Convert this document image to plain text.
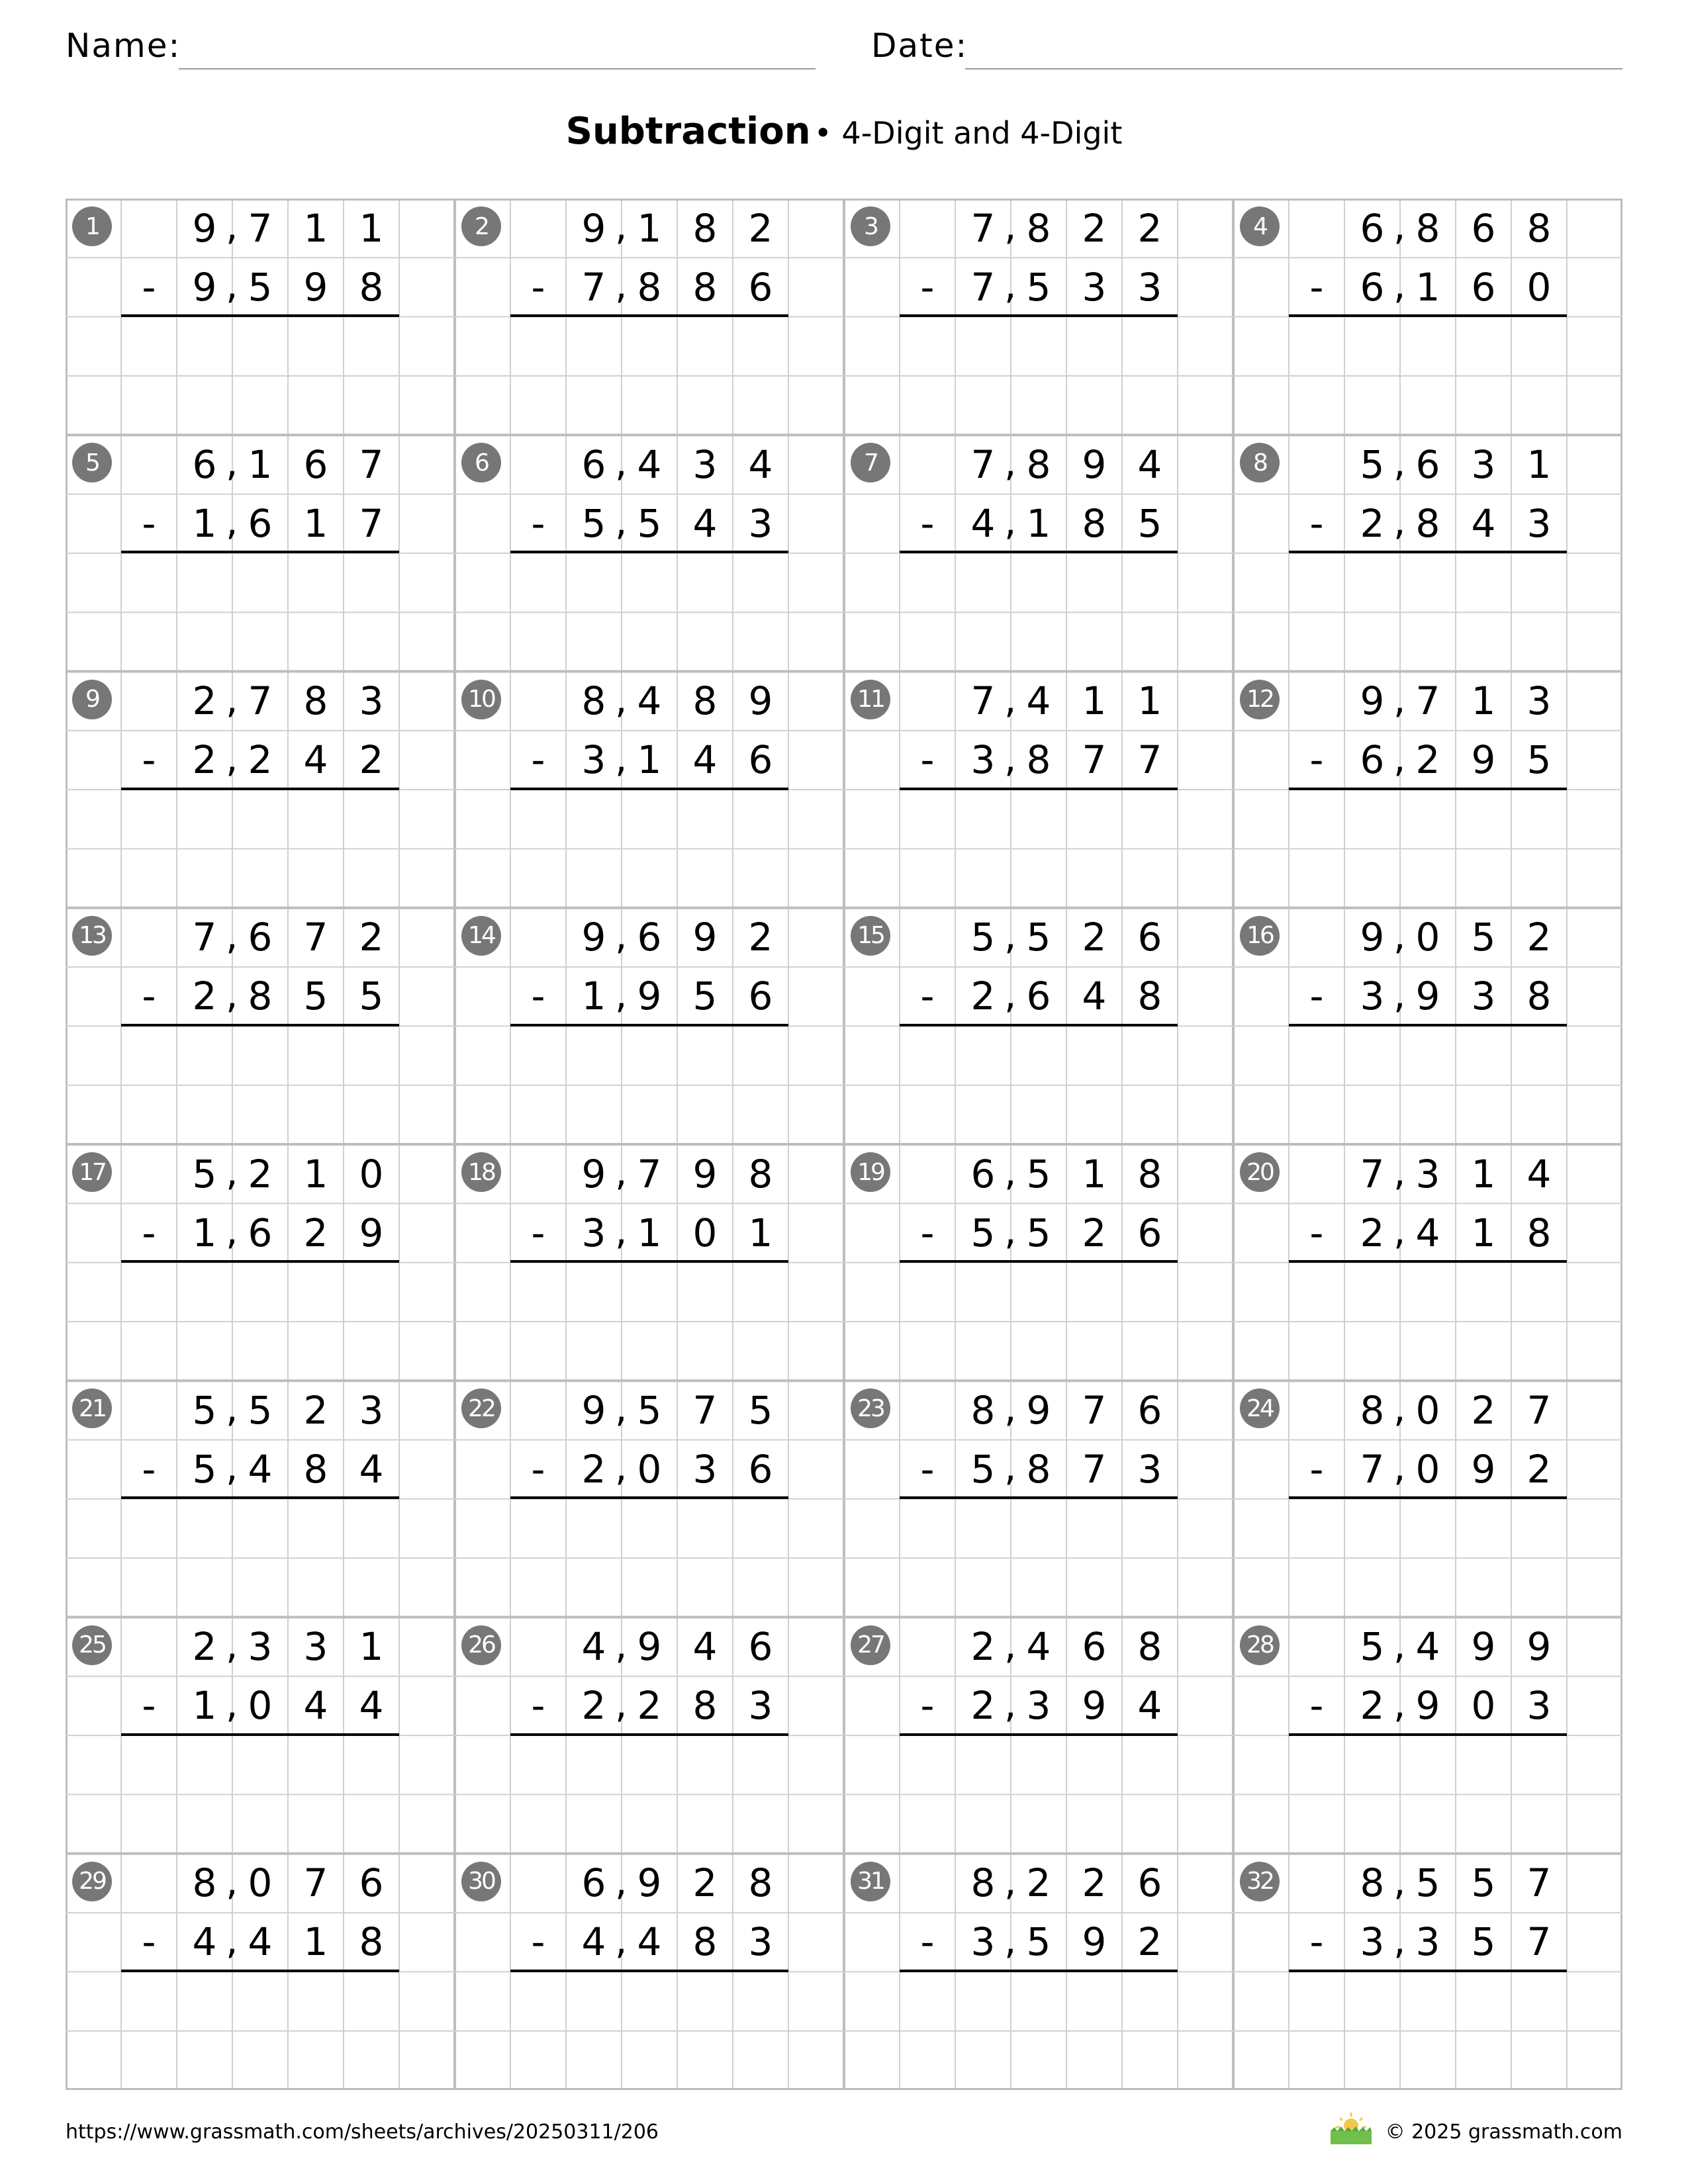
Name:	Date:
Subtraction • 4-Digit and 4-Digit
1	9 7 1 1
,
- 9 5 9 8
,
2	9 1 8 2
,
- 7 8 8 6
,
3	7 8 2 2
,
- 7 5 3 3
,
4	6 8 6 8
,
- 6 1 6 0
,
5	6 1 6 7
,
- 1 6 1 7
,
6	6 4 3 4
,
- 5 5 4 3
,
7	7 8 9 4
,
- 4 1 8 5
,
8	5 6 3 1
,
- 2 8 4 3
,
9	2 7 8 3
,
- 2 2 4 2
,
10	8 4 8 9
,
- 3 1 4 6
,
11	7 4 1 1
,
- 3 8 7 7
,
12	9 7 1 3
,
- 6 2 9 5
,
13	7 6 7 2
,
- 2 8 5 5
,
14	9 6 9 2
,
- 1 9 5 6
,
15	5 5 2 6
,
- 2 6 4 8
,
16	9 0 5 2
,
- 3 9 3 8
,
17	5 2 1 0
,
- 1 6 2 9
,
18	9 7 9 8
,
- 3 1 0 1
,
19	6 5 1 8
,
- 5 5 2 6
,
20	7 3 1 4
,
- 2 4 1 8
,
21	5 5 2 3
,
- 5 4 8 4
,
22	9 5 7 5
,
- 2 0 3 6
,
23	8 9 7 6
,
- 5 8 7 3
,
24	8 0 2 7
,
- 7 0 9 2
,
25	2 3 3 1
,
- 1 0 4 4
,
26	4 9 4 6
,
- 2 2 8 3
,
27	2 4 6 8
,
- 2 3 9 4
,
28	5 4 9 9
,
- 2 9 0 3
,
29	8 0 7 6
,
- 4 4 1 8
,
30	6 9 2 8
,
- 4 4 8 3
,
31	8 2 2 6
,
- 3 5 9 2
,
32	8 5 5 7
,
- 3 3 5 7
,
https://www.grassmath.com/sheets/archives/20250311/206	© 2025 grassmath.com
